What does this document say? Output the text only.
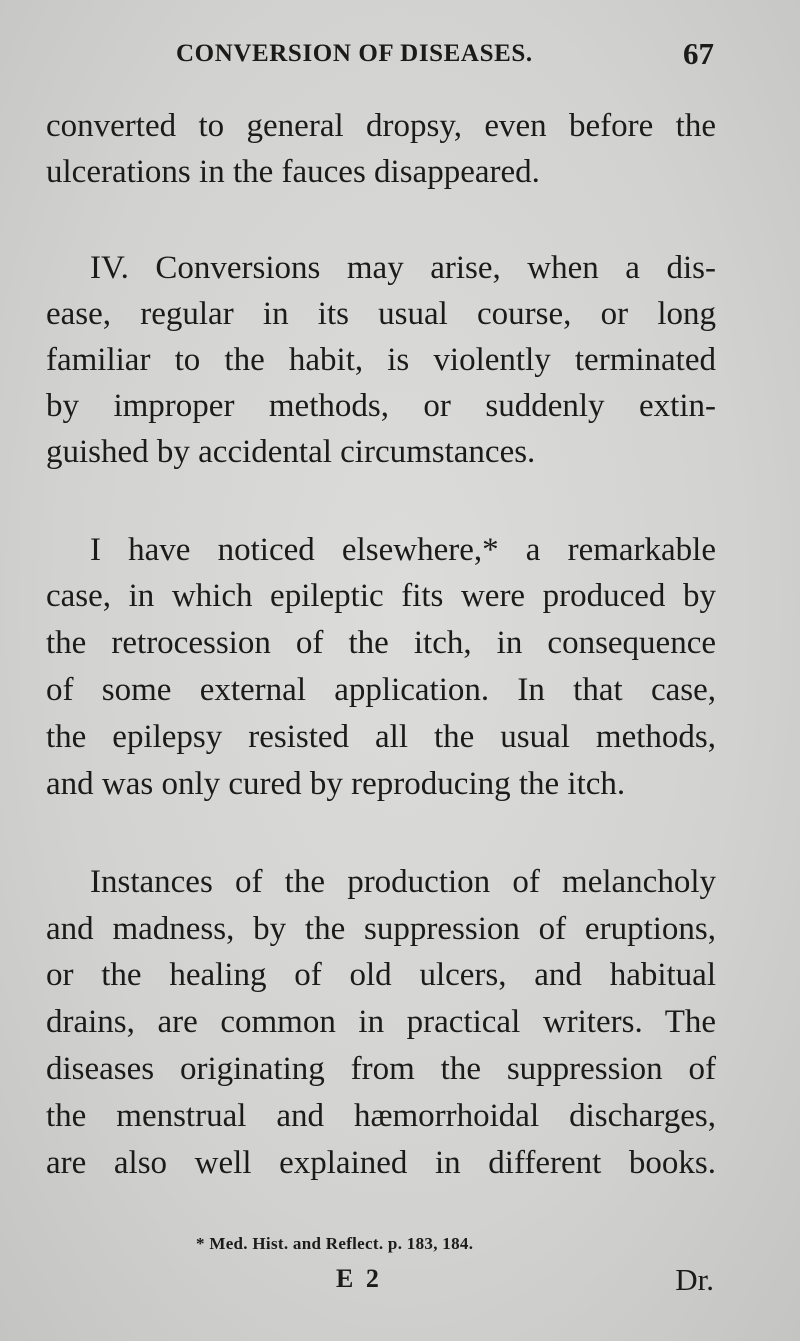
CONVERSION OF DISEASES.	67
converted to general dropsy, even before the
ulcerations in the fauces disappeared.
IV. Conversions may arise, when a dis-
ease, regular in its usual course, or long
familiar to the habit, is violently terminated
by improper methods, or suddenly extin-
guished by accidental circumstances.
I have noticed elsewhere,* a remarkable
case, in which epileptic fits were produced by
the retrocession of the itch, in consequence
of some external application. In that case,
the epilepsy resisted all the usual methods,
and was only cured by reproducing the itch.
Instances of the production of melancholy
and madness, by the suppression of eruptions,
or the healing of old ulcers, and habitual
drains, are common in practical writers. The
diseases originating from the suppression of
the menstrual and hæmorrhoidal discharges,
are also well explained in different books.
* Med. Hist. and Reflect. p. 183, 184.
E 2	Dr.
